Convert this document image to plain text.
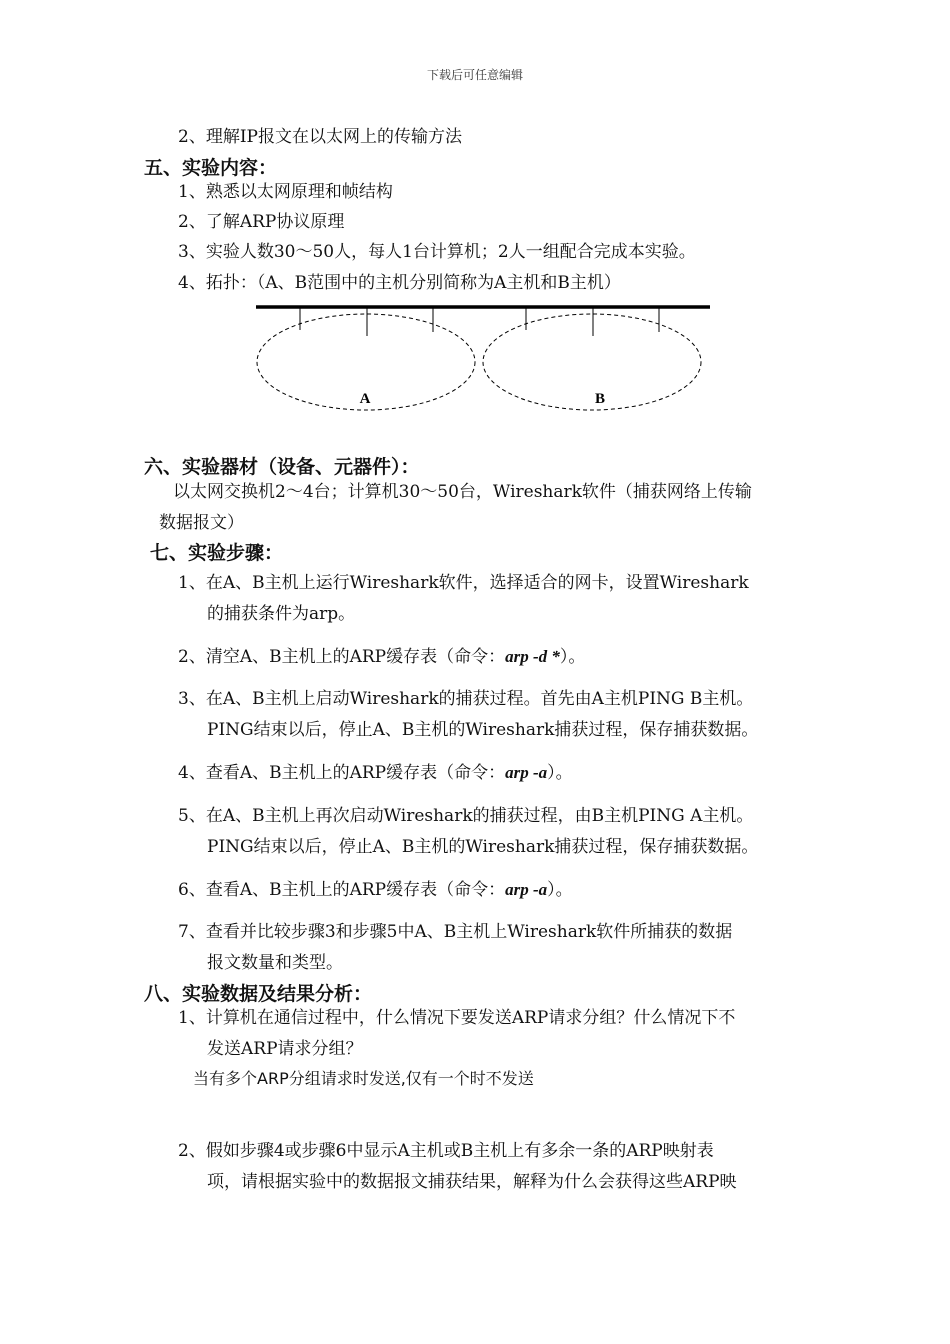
下载后可任意编辑
2、理解IP报文在以太网上的传输方法
五、实验内容：
1、熟悉以太网原理和帧结构
2、了解ARP协议原理
3、实验人数30～50人，每人1台计算机；2人一组配合完成本实验。
4、拓扑：（A、B范围中的主机分别简称为A主机和B主机）
A	B
六、实验器材（设备、元器件）：
以太网交换机2～4台；计算机30～50台，Wireshark软件（捕获网络上传输
数据报文）
七、实验步骤：
1、在A、B主机上运行Wireshark软件，选择适合的网卡，设置Wireshark
的捕获条件为arp。
2、清空A、B主机上的ARP缓存表（命令：arp -d *）。
3、在A、B主机上启动Wireshark的捕获过程。首先由A主机PING B主机。
PING结束以后，停止A、B主机的Wireshark捕获过程，保存捕获数据。
4、查看A、B主机上的ARP缓存表（命令：arp -a）。
5、在A、B主机上再次启动Wireshark的捕获过程，由B主机PING A主机。
PING结束以后，停止A、B主机的Wireshark捕获过程，保存捕获数据。
6、查看A、B主机上的ARP缓存表（命令：arp -a）。
7、查看并比较步骤3和步骤5中A、B主机上Wireshark软件所捕获的数据
报文数量和类型。
八、实验数据及结果分析：
1、计算机在通信过程中，什么情况下要发送ARP请求分组？什么情况下不
发送ARP请求分组？
当有多个ARP分组请求时发送,仅有一个时不发送
2、假如步骤4或步骤6中显示A主机或B主机上有多余一条的ARP映射表
项，请根据实验中的数据报文捕获结果，解释为什么会获得这些ARP映
